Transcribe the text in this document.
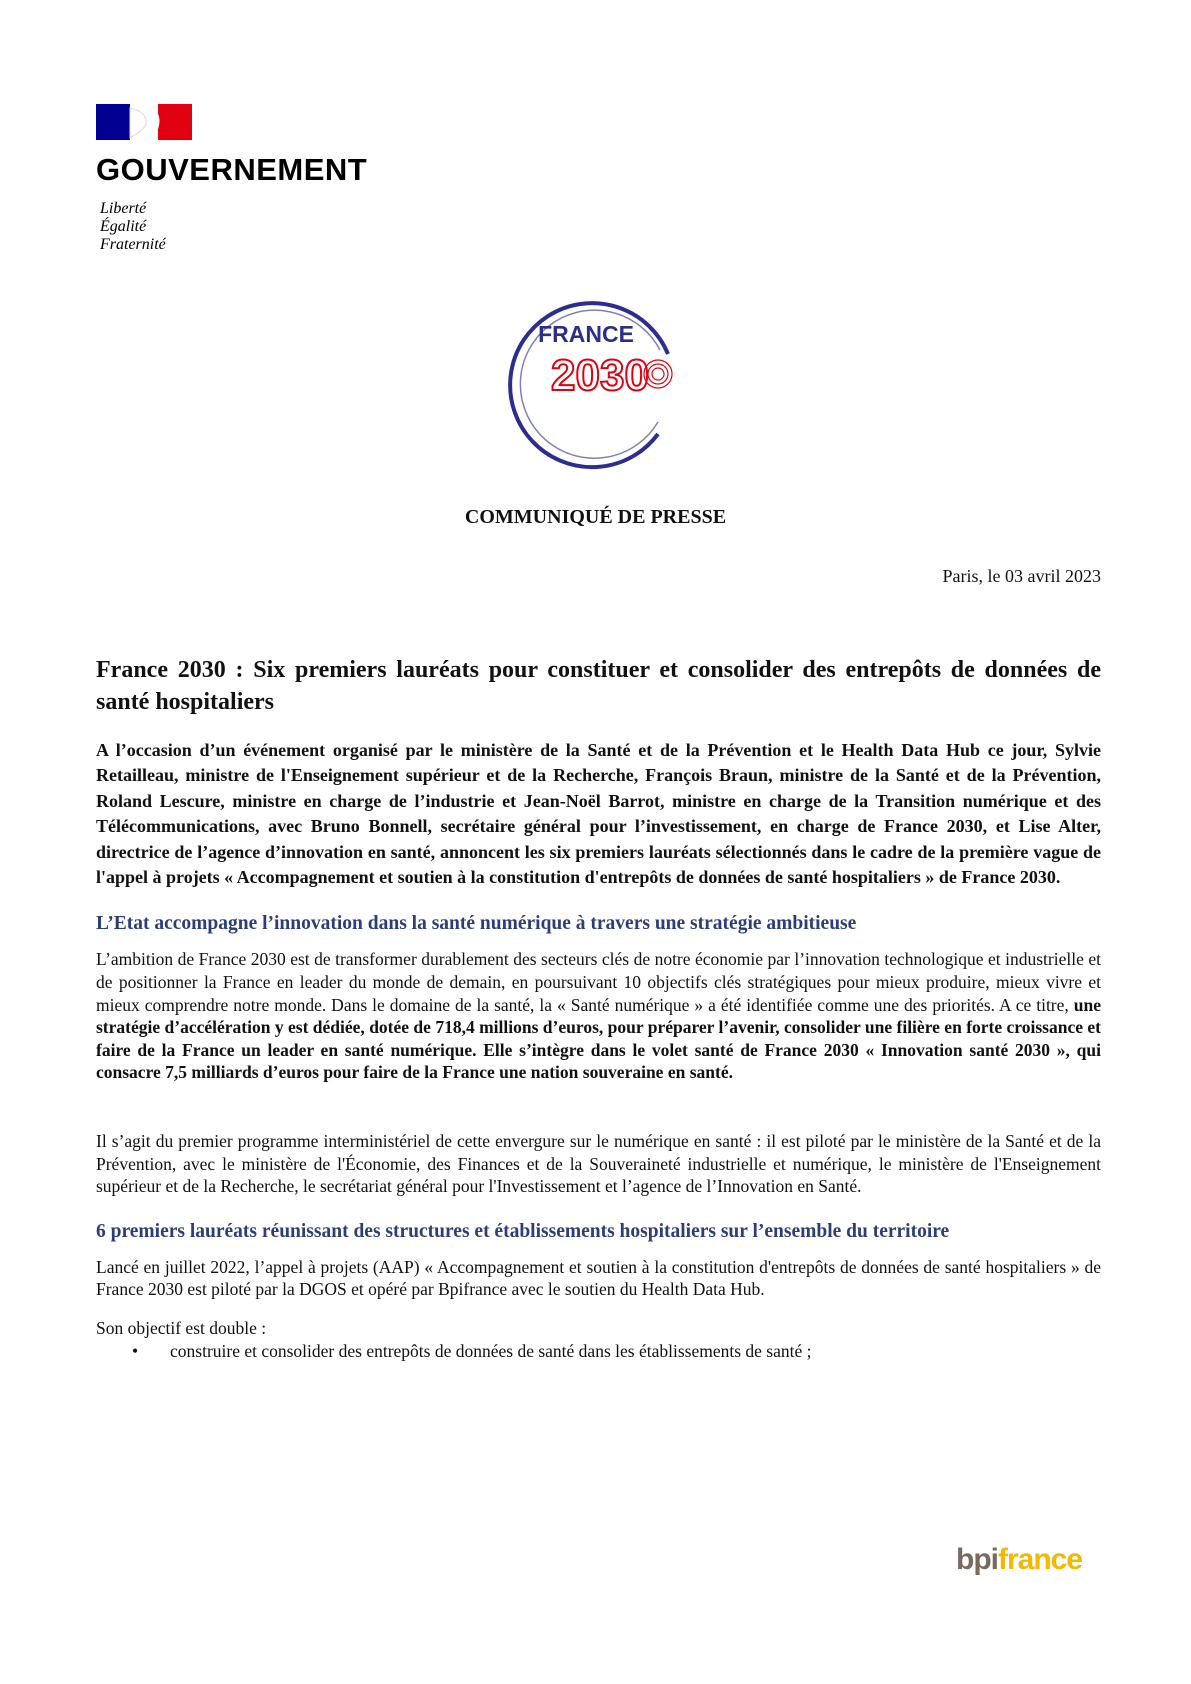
GOUVERNEMENT
Liberté
Égalité
Fraternité
FRANCE
2030
COMMUNIQUÉ DE PRESSE
Paris, le 03 avril 2023

France 2030 : Six premiers lauréats pour constituer et consolider des entrepôts de données de santé hospitaliers

A l’occasion d’un événement organisé par le ministère de la Santé et de la Prévention et le Health Data Hub ce jour, Sylvie Retailleau, ministre de l'Enseignement supérieur et de la Recherche, François Braun, ministre de la Santé et de la Prévention, Roland Lescure, ministre en charge de l’industrie et Jean-Noël Barrot, ministre en charge de la Transition numérique et des Télécommunications, avec Bruno Bonnell, secrétaire général pour l’investissement, en charge de France 2030, et Lise Alter, directrice de l’agence d’innovation en santé, annoncent les six premiers lauréats sélectionnés dans le cadre de la première vague de l'appel à projets « Accompagnement et soutien à la constitution d'entrepôts de données de santé hospitaliers » de France 2030.

L’Etat accompagne l’innovation dans la santé numérique à travers une stratégie ambitieuse

L’ambition de France 2030 est de transformer durablement des secteurs clés de notre économie par l’innovation technologique et industrielle et de positionner la France en leader du monde de demain, en poursuivant 10 objectifs clés stratégiques pour mieux produire, mieux vivre et mieux comprendre notre monde. Dans le domaine de la santé, la « Santé numérique » a été identifiée comme une des priorités. A ce titre, une stratégie d’accélération y est dédiée, dotée de 718,4 millions d’euros, pour préparer l’avenir, consolider une filière en forte croissance et faire de la France un leader en santé numérique. Elle s’intègre dans le volet santé de France 2030 « Innovation santé 2030 », qui consacre 7,5 milliards d’euros pour faire de la France une nation souveraine en santé.

Il s’agit du premier programme interministériel de cette envergure sur le numérique en santé : il est piloté par le ministère de la Santé et de la Prévention, avec le ministère de l'Économie, des Finances et de la Souveraineté industrielle et numérique, le ministère de l'Enseignement supérieur et de la Recherche, le secrétariat général pour l'Investissement et l’agence de l’Innovation en Santé.

6 premiers lauréats réunissant des structures et établissements hospitaliers sur l’ensemble du territoire

Lancé en juillet 2022, l’appel à projets (AAP) « Accompagnement et soutien à la constitution d'entrepôts de données de santé hospitaliers » de France 2030 est piloté par la DGOS et opéré par Bpifrance avec le soutien du Health Data Hub.

Son objectif est double :

• construire et consolider des entrepôts de données de santé dans les établissements de santé ;
bpifrance
